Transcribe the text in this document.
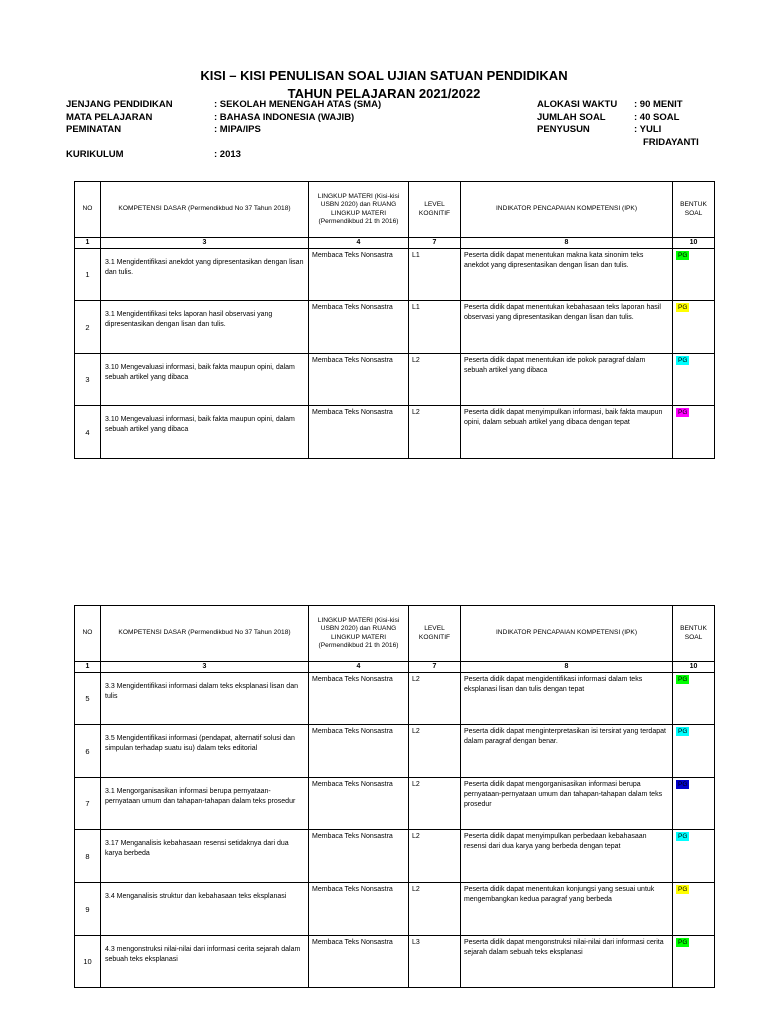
KISI – KISI PENULISAN SOAL UJIAN SATUAN PENDIDIKAN
TAHUN PELAJARAN 2021/2022
JENJANG PENDIDIKAN	: SEKOLAH MENENGAH ATAS (SMA)
MATA PELAJARAN	: BAHASA INDONESIA (WAJIB)
PEMINATAN	: MIPA/IPS
KURIKULUM	: 2013
ALOKASI WAKTU : 90 MENIT
JUMLAH SOAL	: 40 SOAL
PENYUSUN	: YULI
FRIDAYANTI
NO	KOMPETENSI DASAR (Permendikbud No 37 Tahun 2018)	LINGKUP MATERI (Kisi-kisi USBN 2020) dan RUANG LINGKUP MATERI (Permendikbud 21 th 2016)	LEVEL KOGNITIF	INDIKATOR PENCAPAIAN KOMPETENSI (IPK)	BENTUK SOAL
1	3	4	7	8	10
1	3.1 Mengidentifikasi anekdot yang dipresentasikan dengan lisan dan tulis.	Membaca Teks Nonsastra	L1	Peserta didik dapat menentukan makna kata sinonim teks anekdot yang dipresentasikan dengan lisan dan tulis.	PG
2	3.1 Mengidentifikasi teks laporan hasil observasi yang dipresentasikan dengan lisan dan tulis.	Membaca Teks Nonsastra	L1	Peserta didik dapat menentukan kebahasaan teks laporan hasil observasi yang dipresentasikan dengan lisan dan tulis.	PG
3	3.10 Mengevaluasi informasi, baik fakta maupun opini, dalam sebuah artikel yang dibaca	Membaca Teks Nonsastra	L2	Peserta didik dapat menentukan ide pokok paragraf dalam sebuah artikel yang dibaca	PG
4	3.10 Mengevaluasi informasi, baik fakta maupun opini, dalam sebuah artikel yang dibaca	Membaca Teks Nonsastra	L2	Peserta didik dapat menyimpulkan informasi, baik fakta maupun opini, dalam sebuah artikel yang dibaca dengan tepat	PG
NO	KOMPETENSI DASAR (Permendikbud No 37 Tahun 2018)	LINGKUP MATERI (Kisi-kisi USBN 2020) dan RUANG LINGKUP MATERI (Permendikbud 21 th 2016)	LEVEL KOGNITIF	INDIKATOR PENCAPAIAN KOMPETENSI (IPK)	BENTUK SOAL
1	3	4	7	8	10
5	3.3 Mengidentifikasi informasi dalam teks eksplanasi lisan dan tulis	Membaca Teks Nonsastra	L2	Peserta didik dapat mengidentifikasi informasi dalam teks eksplanasi lisan dan tulis dengan tepat	PG
6	3.5 Mengidentifikasi informasi (pendapat, alternatif solusi dan simpulan terhadap suatu isu) dalam teks editorial	Membaca Teks Nonsastra	L2	Peserta didik dapat menginterpretasikan isi tersirat yang terdapat dalam paragraf dengan benar.	PG
7	3.1 Mengorganisasikan informasi berupa pernyataan-pernyataan umum dan tahapan-tahapan dalam teks prosedur	Membaca Teks Nonsastra	L2	Peserta didik dapat mengorganisasikan informasi berupa pernyataan-pernyataan umum dan tahapan-tahapan dalam teks prosedur	PG
8	3.17 Menganalisis kebahasaan resensi setidaknya dari dua karya berbeda	Membaca Teks Nonsastra	L2	Peserta didik dapat menyimpulkan perbedaan kebahasaan resensi dari dua karya yang berbeda dengan tepat	PG
9	3.4 Menganalisis struktur dan kebahasaan teks eksplanasi	Membaca Teks Nonsastra	L2	Peserta didik dapat menentukan konjungsi yang sesuai untuk mengembangkan kedua paragraf yang berbeda	PG
10	4.3 mengonstruksi nilai-nilai dari informasi cerita sejarah dalam sebuah teks eksplanasi	Membaca Teks Nonsastra	L3	Peserta didik dapat mengonstruksi nilai-nilai dari informasi cerita sejarah dalam sebuah teks eksplanasi	PG
